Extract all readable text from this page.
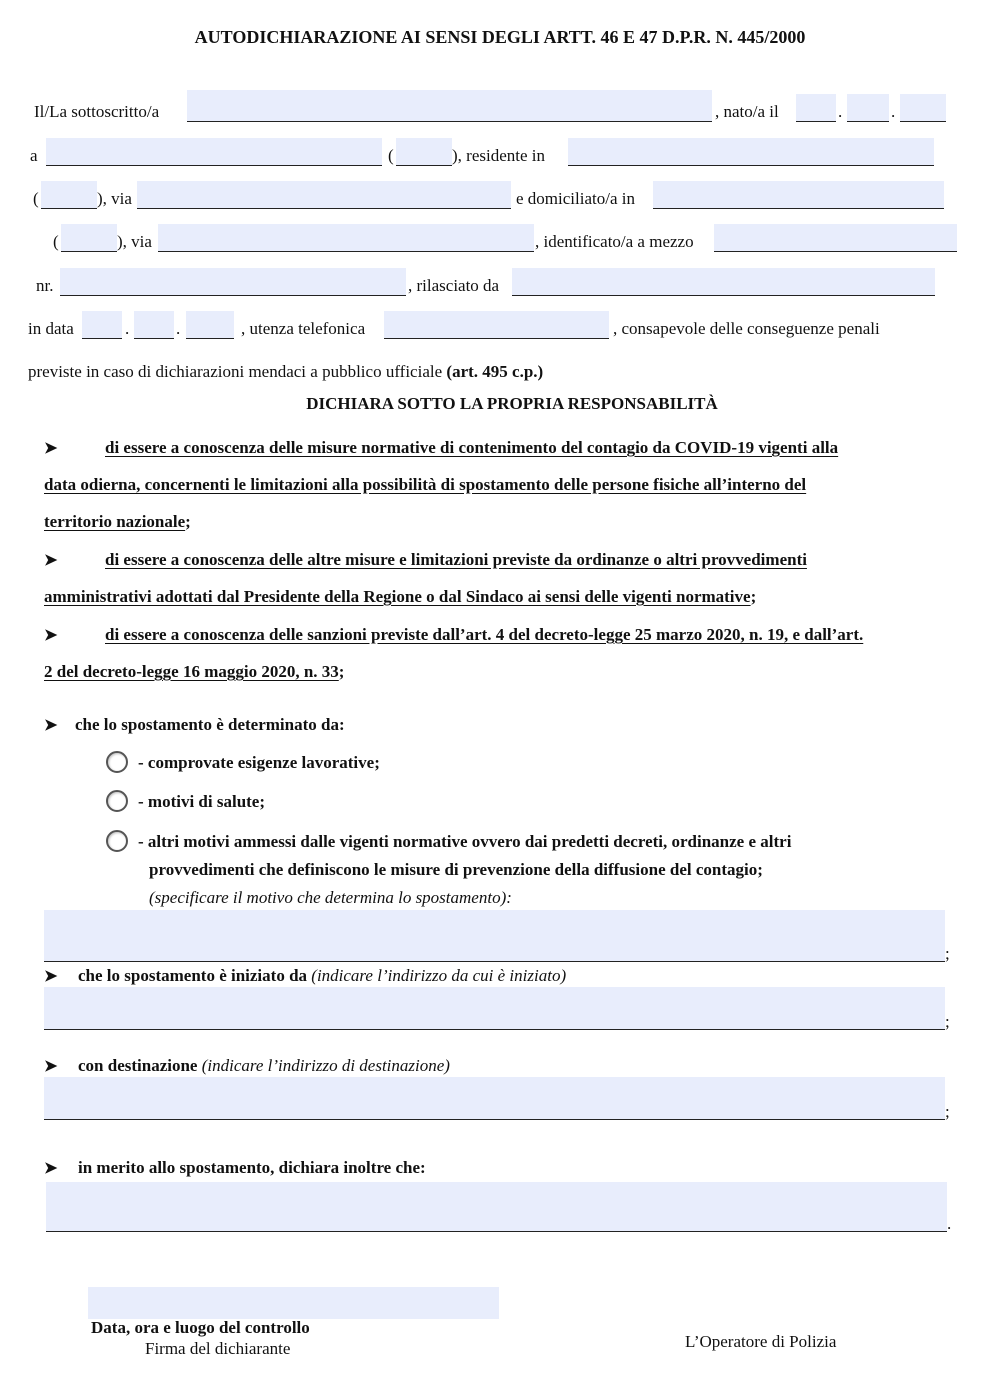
AUTODICHIARAZIONE AI SENSI DEGLI ARTT. 46 E 47 D.P.R. N. 445/2000
Il/La sottoscritto/a	, nato/a il	.	.
a	(	), residente in
(	), via	e domiciliato/a in
(	), via	, identificato/a a mezzo
nr.	, rilasciato da
in data	.	.	, utenza telefonica	, consapevole delle conseguenze penali
previste in caso di dichiarazioni mendaci a pubblico ufficiale (art. 495 c.p.)
DICHIARA SOTTO LA PROPRIA RESPONSABILITÀ
➤	di essere a conoscenza delle misure normative di contenimento del contagio da COVID-19 vigenti alla
data odierna, concernenti le limitazioni alla possibilità di spostamento delle persone fisiche all’interno del
territorio nazionale;
➤	di essere a conoscenza delle altre misure e limitazioni previste da ordinanze o altri provvedimenti
amministrativi adottati dal Presidente della Regione o dal Sindaco ai sensi delle vigenti normative;
➤	di essere a conoscenza delle sanzioni previste dall’art. 4 del decreto-legge 25 marzo 2020, n. 19, e dall’art.
2 del decreto-legge 16 maggio 2020, n. 33;
➤ che lo spostamento è determinato da:
- comprovate esigenze lavorative;
- motivi di salute;
- altri motivi ammessi dalle vigenti normative ovvero dai predetti decreti, ordinanze e altri
provvedimenti che definiscono le misure di prevenzione della diffusione del contagio;
(specificare il motivo che determina lo spostamento):
;
➤ che lo spostamento è iniziato da (indicare l’indirizzo da cui è iniziato)
;
➤ con destinazione (indicare l’indirizzo di destinazione)
;
➤ in merito allo spostamento, dichiara inoltre che:
.
Data, ora e luogo del controllo
Firma del dichiarante	L’Operatore di Polizia
